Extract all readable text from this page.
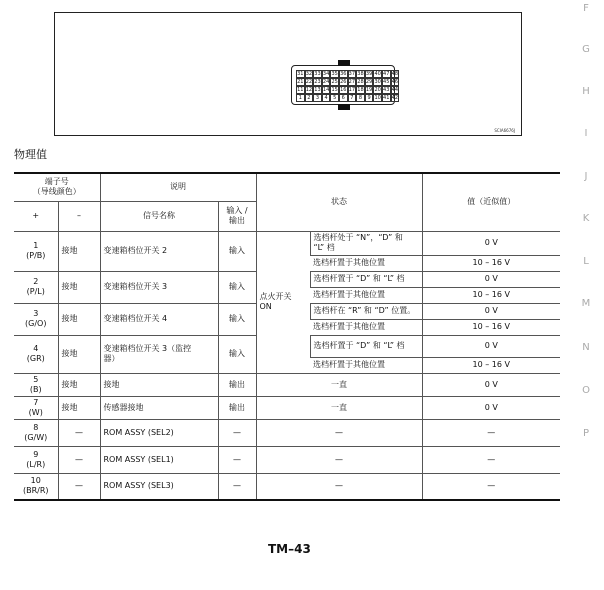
31 32 33 34 35 36 37 38 39 40 47 48
21 22 23 24 25 26 27 28 29 30 45 46
11 12 13 14 15 16 17 18 19 20 43 44
1	2	3	4	5	6	7	8	9 10 41 42
SCIA6676J
物理值
端子号
（导线颜色）		说明		状态		值（近似值）
+	–	信号名称	输入 /
输出			
1
(P/B)	接地	变速箱档位开关 2	输入	点火开关
ON	选档杆处于 “N”，“D” 和
“L” 档	0 V
					选档杆置于其他位置	10 – 16 V
2
(P/L)	接地	变速箱档位开关 3	输入		选档杆置于 “D” 和 “L” 档	0 V
					选档杆置于其他位置	10 – 16 V
3
(G/O)	接地	变速箱档位开关 4	输入		选档杆在 “R” 和 “D” 位置。	0 V
					选档杆置于其他位置	10 – 16 V
4
(GR)	接地	变速箱档位开关 3（监控
器）	输入		选档杆置于 “D” 和 “L” 档	0 V
					选档杆置于其他位置	10 – 16 V
5
(B)	接地	接地	输出	一直		0 V
7
(W)	接地	传感器接地	输出	一直		0 V
8
(G/W)	—	ROM ASSY (SEL2)	—	—		—
9
(L/R)	—	ROM ASSY (SEL1)	—	—		—
10
(BR/R)	—	ROM ASSY (SEL3)	—	—		—
TM–43
F
G
H
I
J
K
L
M
N
O
P
